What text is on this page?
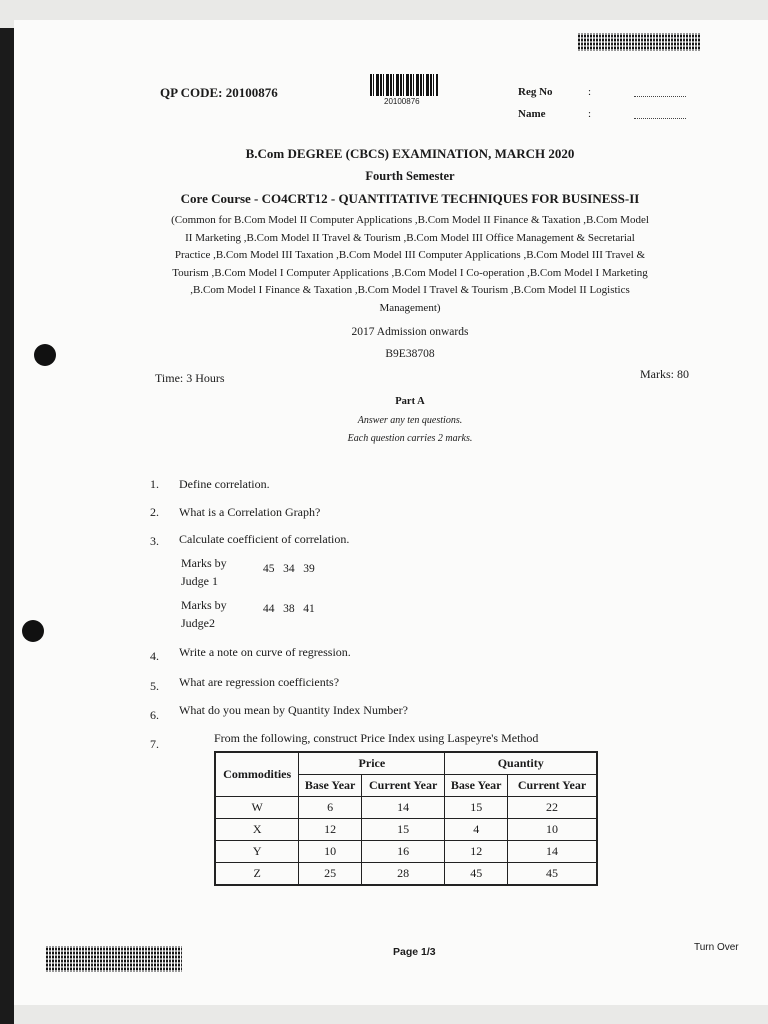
QP CODE: 20100876
20100876
Reg No	:
Name	:
B.Com DEGREE (CBCS) EXAMINATION, MARCH 2020
Fourth Semester
Core Course - CO4CRT12 - QUANTITATIVE TECHNIQUES FOR BUSINESS-II
(Common for B.Com Model II Computer Applications ,B.Com Model II Finance & Taxation ,B.Com Model
II Marketing ,B.Com Model II Travel & Tourism ,B.Com Model III Office Management & Secretarial
Practice ,B.Com Model III Taxation ,B.Com Model III Computer Applications ,B.Com Model III Travel &
Tourism ,B.Com Model I Computer Applications ,B.Com Model I Co-operation ,B.Com Model I Marketing
,B.Com Model I Finance & Taxation ,B.Com Model I Travel & Tourism ,B.Com Model II Logistics
Management)
2017 Admission onwards
B9E38708
Time: 3 Hours	Marks: 80
Part A
Answer any ten questions.
Each question carries 2 marks.
1. Define correlation.
2. What is a Correlation Graph?
3. Calculate coefficient of correlation.
Marks by
Judge 1
45   34   39
Marks by
Judge2
44   38   41
4. Write a note on curve of regression.
5. What are regression coefficients?
6. What do you mean by Quantity Index Number?
7.	From the following, construct Price Index using Laspeyre's Method
Commodities	Price		Quantity	
	Base Year	Current Year	Base Year	Current Year
W	6	14	15	22
X	12	15	4	10
Y	10	16	12	14
Z	25	28	45	45
Page 1/3	Turn Over
